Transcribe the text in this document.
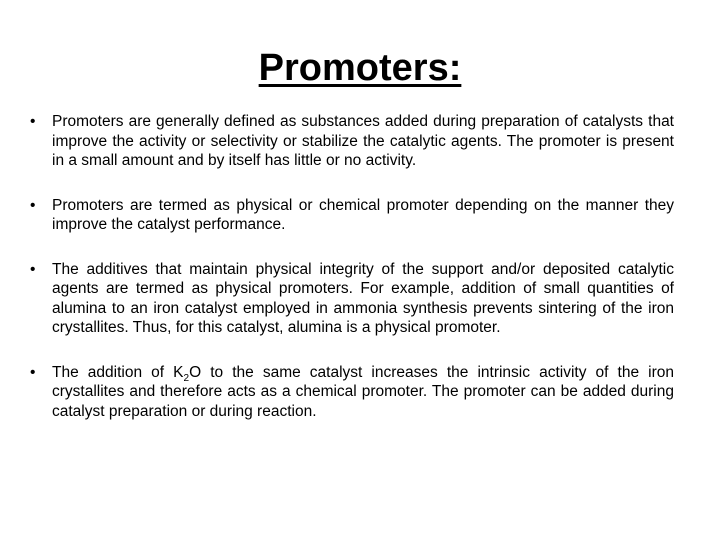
Promoters:
• Promoters are generally defined as substances added during preparation of catalysts that improve the activity or selectivity or stabilize the catalytic agents. The promoter is present in a small amount and by itself has little or no activity.
• Promoters are termed as physical or chemical promoter depending on the manner they improve the catalyst performance.
• The additives that maintain physical integrity of the support and/or deposited catalytic agents are termed as physical promoters. For example, addition of small quantities of alumina to an iron catalyst employed in ammonia synthesis prevents sintering of the iron crystallites. Thus, for this catalyst, alumina is a physical promoter.
• The addition of $K_2O$ to the same catalyst increases the intrinsic activity of the iron crystallites and therefore acts as a chemical promoter. The promoter can be added during catalyst preparation or during reaction.
